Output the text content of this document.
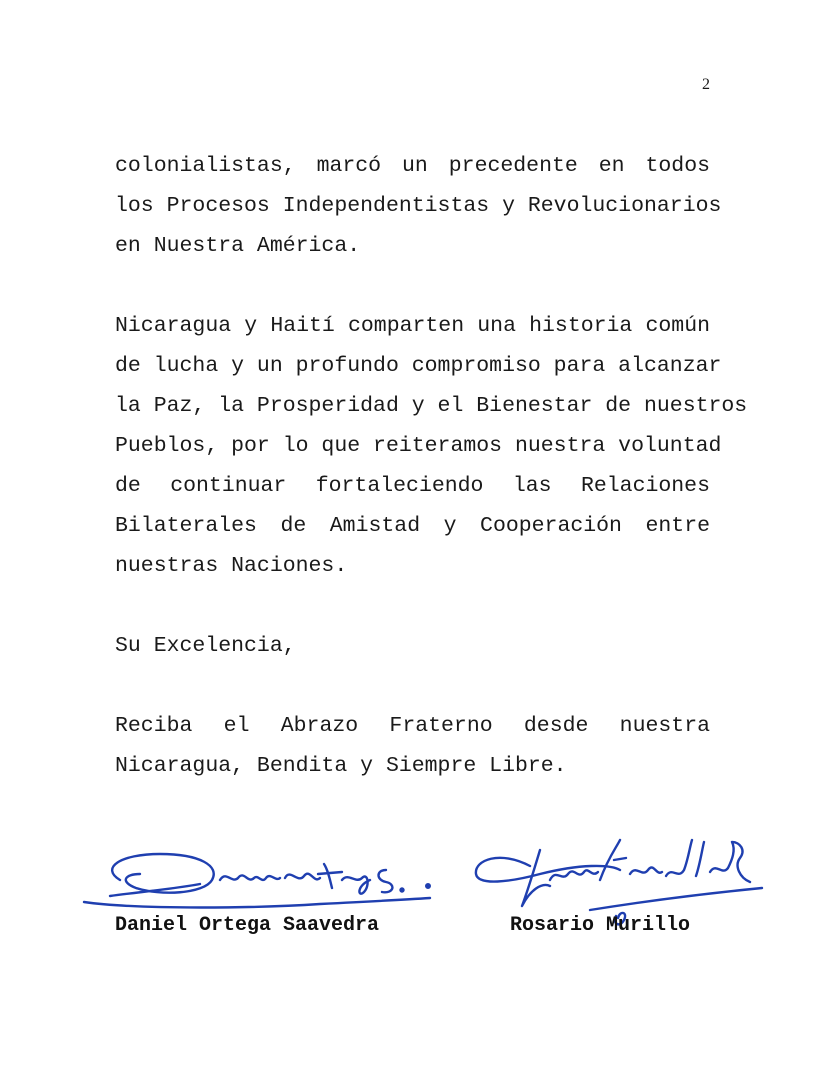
2
colonialistas, marcó un precedente en todos
los Procesos Independentistas y Revolucionarios
en Nuestra América.
Nicaragua y Haití comparten una historia común
de lucha y un profundo compromiso para alcanzar
la Paz, la Prosperidad y el Bienestar de nuestros
Pueblos, por lo que reiteramos nuestra voluntad
de continuar fortaleciendo las Relaciones
Bilaterales de Amistad y Cooperación entre
nuestras Naciones.
Su Excelencia,
Reciba el Abrazo Fraterno desde nuestra
Nicaragua, Bendita y Siempre Libre.
Daniel Ortega Saavedra	Rosario Murillo
